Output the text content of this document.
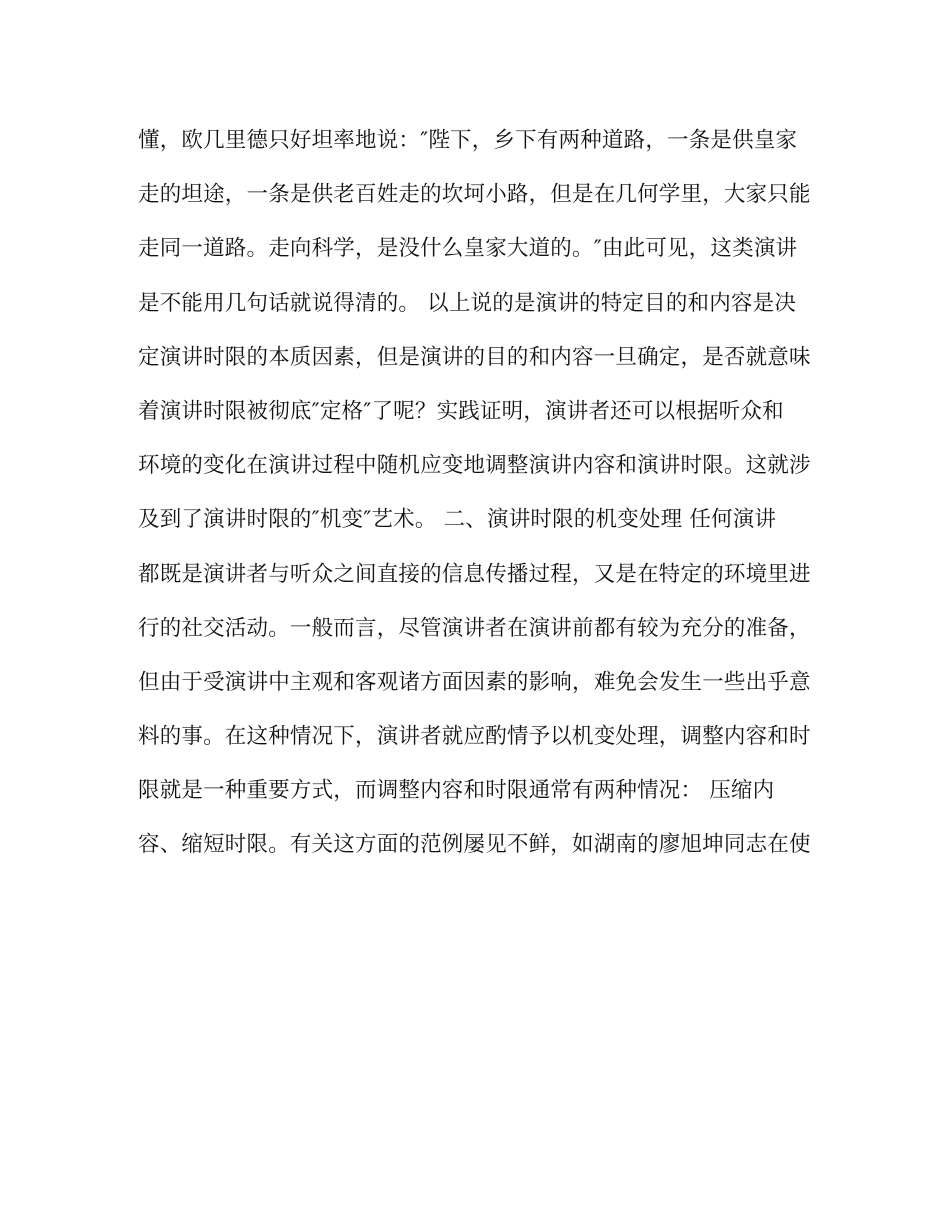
懂，欧几里德只好坦率地说：″陛下，乡下有两种道路，一条是供皇家
走的坦途，一条是供老百姓走的坎坷小路，但是在几何学里，大家只能
走同一道路。走向科学，是没什么皇家大道的。″由此可见，这类演讲
是不能用几句话就说得清的。 以上说的是演讲的特定目的和内容是决
定演讲时限的本质因素，但是演讲的目的和内容一旦确定，是否就意味
着演讲时限被彻底″定格″了呢？实践证明，演讲者还可以根据听众和
环境的变化在演讲过程中随机应变地调整演讲内容和演讲时限。这就涉
及到了演讲时限的″机变″艺术。 二、演讲时限的机变处理 任何演讲
都既是演讲者与听众之间直接的信息传播过程，又是在特定的环境里进
行的社交活动。一般而言，尽管演讲者在演讲前都有较为充分的准备，
但由于受演讲中主观和客观诸方面因素的影响，难免会发生一些出乎意
料的事。在这种情况下，演讲者就应酌情予以机变处理，调整内容和时
限就是一种重要方式，而调整内容和时限通常有两种情况： 压缩内
容、缩短时限。有关这方面的范例屡见不鲜，如湖南的廖旭坤同志在使
